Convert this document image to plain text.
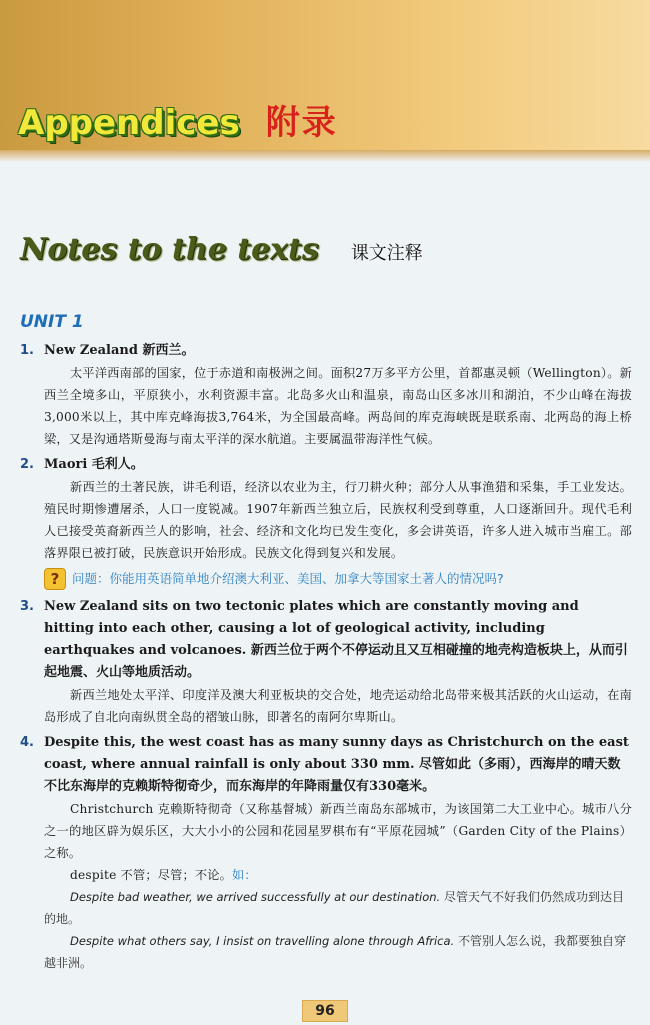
Appendices 附录
Notes to the texts 课文注释
UNIT 1
1. New Zealand 新西兰。
太平洋西南部的国家，位于赤道和南极洲之间。面积27万多平方公里，首都惠灵顿（Wellington）。新西兰全境多山，平原狭小，水利资源丰富。北岛多火山和温泉，南岛山区多冰川和湖泊，不少山峰在海拔3,000米以上，其中库克峰海拔3,764米，为全国最高峰。两岛间的库克海峡既是联系南、北两岛的海上桥梁，又是沟通塔斯曼海与南太平洋的深水航道。主要属温带海洋性气候。
2. Maori 毛利人。
新西兰的土著民族，讲毛利语，经济以农业为主，行刀耕火种；部分人从事渔猎和采集，手工业发达。殖民时期惨遭屠杀，人口一度锐减。1907年新西兰独立后，民族权利受到尊重，人口逐渐回升。现代毛利人已接受英裔新西兰人的影响，社会、经济和文化均已发生变化，多会讲英语，许多人进入城市当雇工。部落界限已被打破，民族意识开始形成。民族文化得到复兴和发展。
?	问题：你能用英语简单地介绍澳大利亚、美国、加拿大等国家土著人的情况吗?
3. New Zealand sits on two tectonic plates which are constantly moving and hitting into each other, causing a lot of geological activity, including earthquakes and volcanoes. 新西兰位于两个不停运动且又互相碰撞的地壳构造板块上，从而引起地震、火山等地质活动。
新西兰地处太平洋、印度洋及澳大利亚板块的交合处，地壳运动给北岛带来极其活跃的火山运动，在南岛形成了自北向南纵贯全岛的褶皱山脉，即著名的南阿尔卑斯山。
4. Despite this, the west coast has as many sunny days as Christchurch on the east coast, where annual rainfall is only about 330 mm. 尽管如此（多雨），西海岸的晴天数不比东海岸的克赖斯特彻奇少，而东海岸的年降雨量仅有330毫米。
Christchurch 克赖斯特彻奇（又称基督城）新西兰南岛东部城市，为该国第二大工业中心。城市八分之一的地区辟为娱乐区，大大小小的公园和花园星罗棋布有“平原花园城”（Garden City of the Plains）之称。
despite 不管；尽管；不论。如：
Despite bad weather, we arrived successfully at our destination. 尽管天气不好我们仍然成功到达目的地。
Despite what others say, I insist on travelling alone through Africa. 不管别人怎么说，我都要独自穿越非洲。
96
